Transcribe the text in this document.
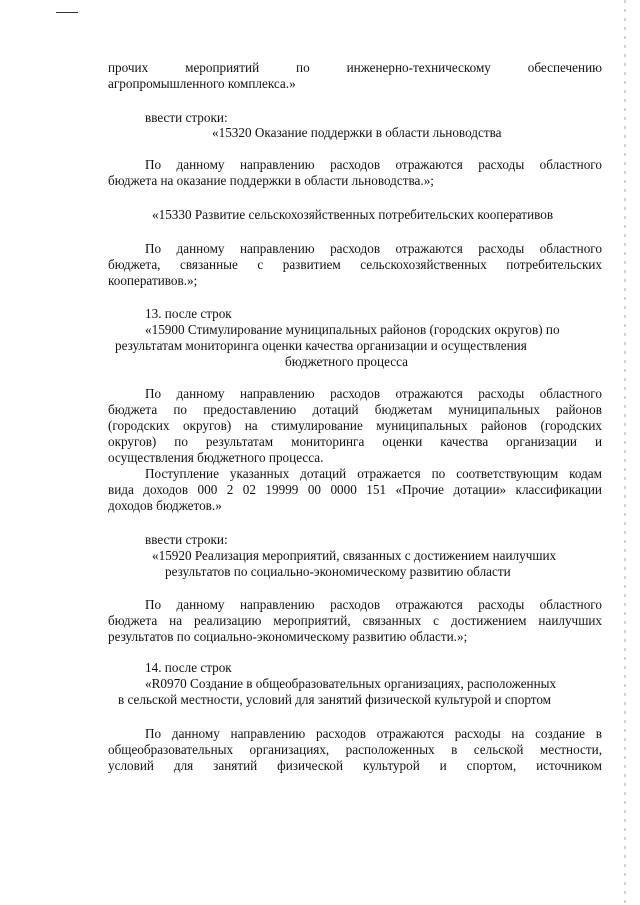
прочих мероприятий по инженерно-техническому обеспечению
агропромышленного комплекса.»
ввести строки:
«15320 Оказание поддержки в области льноводства
По данному направлению расходов отражаются расходы областного
бюджета на оказание поддержки в области льноводства.»;
«15330 Развитие сельскохозяйственных потребительских кооперативов
По данному направлению расходов отражаются расходы областного
бюджета, связанные с развитием сельскохозяйственных потребительских
кооперативов.»;
13. после строк
«15900 Стимулирование муниципальных районов (городских округов) по
результатам мониторинга оценки качества организации и осуществления
бюджетного процесса
По данному направлению расходов отражаются расходы областного
бюджета по предоставлению дотаций бюджетам муниципальных районов
(городских округов) на стимулирование муниципальных районов (городских
округов) по результатам мониторинга оценки качества организации и
осуществления бюджетного процесса.
Поступление указанных дотаций отражается по соответствующим кодам
вида доходов 000 2 02 19999 00 0000 151 «Прочие дотации» классификации
доходов бюджетов.»
ввести строки:
«15920 Реализация мероприятий, связанных с достижением наилучших
результатов по социально-экономическому развитию области
По данному направлению расходов отражаются расходы областного
бюджета на реализацию мероприятий, связанных с достижением наилучших
результатов по социально-экономическому развитию области.»;
14. после строк
«R0970 Создание в общеобразовательных организациях, расположенных
в сельской местности, условий для занятий физической культурой и спортом
По данному направлению расходов отражаются расходы на создание в
общеобразовательных организациях, расположенных в сельской местности,
условий для занятий физической культурой и спортом, источником
